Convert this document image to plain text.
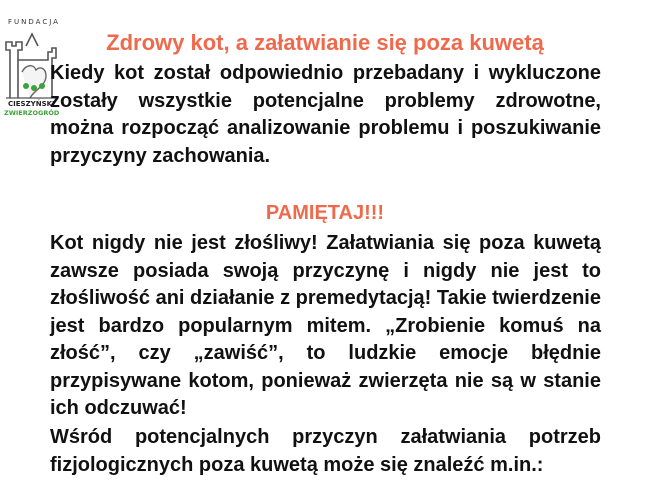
FUNDACJA
CIESZYŃSKI
ZWIERZOGRÓD
Zdrowy kot, a załatwianie się poza kuwetą
Kiedy kot został odpowiednio przebadany i wykluczone zostały wszystkie potencjalne problemy zdrowotne, można rozpocząć analizowanie problemu i poszukiwanie przyczyny zachowania.
PAMIĘTAJ!!!
Kot nigdy nie jest złośliwy! Załatwiania się poza kuwetą zawsze posiada swoją przyczynę i nigdy nie jest to złośliwość ani działanie z premedytacją! Takie twierdzenie jest bardzo popularnym mitem. „Zrobienie komuś na złość”, czy „zawiść”, to ludzkie emocje błędnie przypisywane kotom, ponieważ zwierzęta nie są w stanie ich odczuwać!
Wśród potencjalnych przyczyn załatwiania potrzeb fizjologicznych poza kuwetą może się znaleźć m.in.:
